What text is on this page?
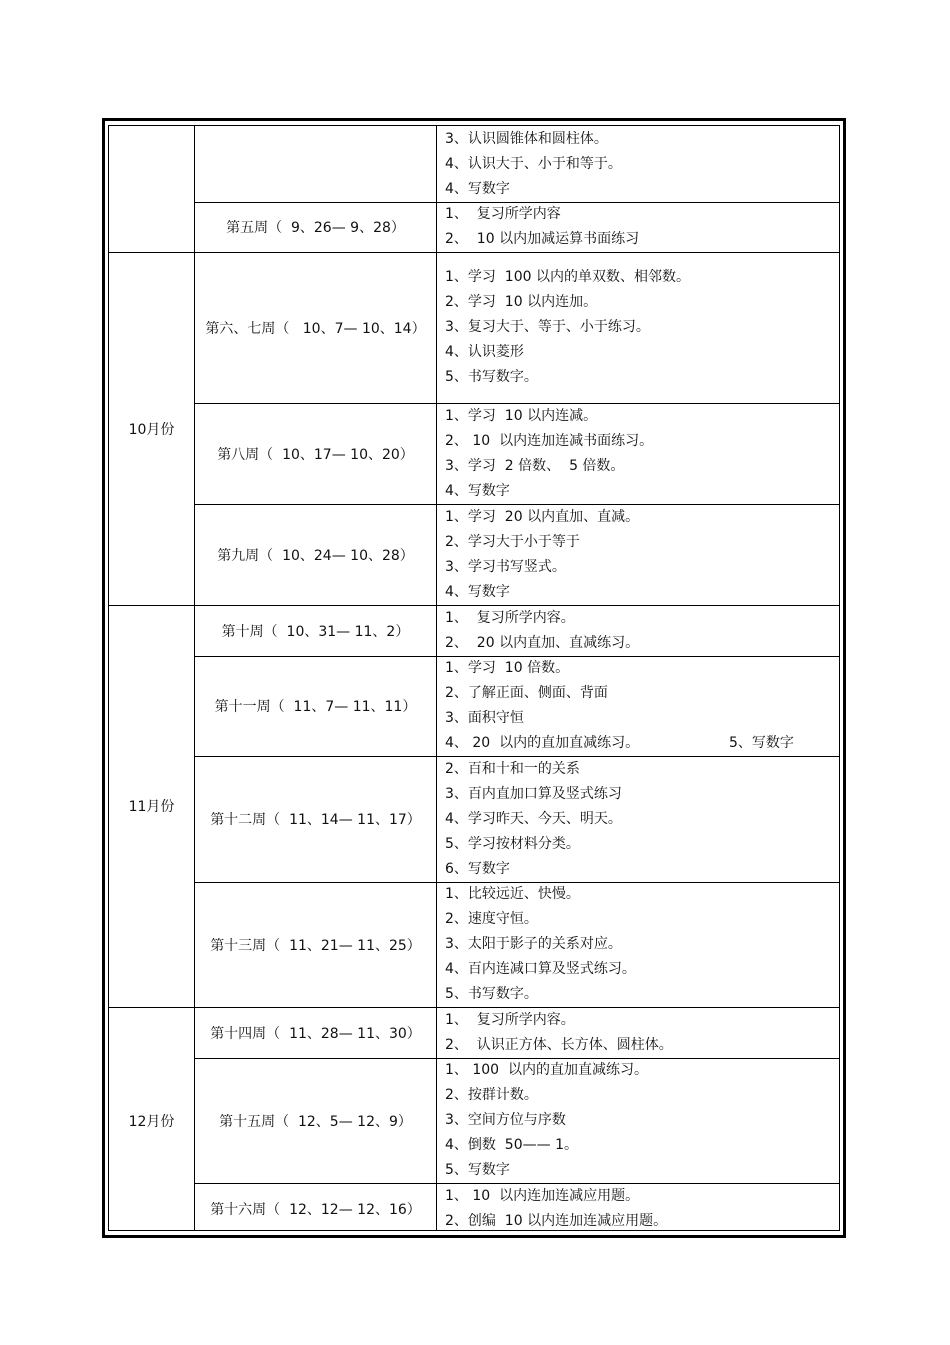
10月份
11月份
12月份
3、认识圆锥体和圆柱体。
4、认识大于、小于和等于。
4、写数字
第五周（  9、26— 9、28）
1、  复习所学内容
2、  10 以内加减运算书面练习
第六、七周（   10、7— 10、14）
1、学习  100 以内的单双数、相邻数。
2、学习  10 以内连加。
3、复习大于、等于、小于练习。
4、认识菱形
5、书写数字。
第八周（  10、17— 10、20）
1、学习  10 以内连减。
2、 10  以内连加连减书面练习。
3、学习  2 倍数、  5 倍数。
4、写数字
第九周（  10、24— 10、28）
1、学习  20 以内直加、直减。
2、学习大于小于等于
3、学习书写竖式。
4、写数字
第十周（  10、31— 11、2）
1、  复习所学内容。
2、  20 以内直加、直减练习。
第十一周（  11、7— 11、11）
1、学习  10 倍数。
2、了解正面、侧面、背面
3、面积守恒
4、 20  以内的直加直减练习。	5、写数字
第十二周（  11、14— 11、17）
2、百和十和一的关系
3、百内直加口算及竖式练习
4、学习昨天、今天、明天。
5、学习按材料分类。
6、写数字
第十三周（  11、21— 11、25）
1、比较远近、快慢。
2、速度守恒。
3、太阳于影子的关系对应。
4、百内连减口算及竖式练习。
5、书写数字。
第十四周（  11、28— 11、30）
1、  复习所学内容。
2、  认识正方体、长方体、圆柱体。
第十五周（  12、5— 12、9）
1、 100  以内的直加直减练习。
2、按群计数。
3、空间方位与序数
4、倒数  50—— 1。
5、写数字
第十六周（  12、12— 12、16）
1、 10  以内连加连减应用题。
2、创编  10 以内连加连减应用题。
